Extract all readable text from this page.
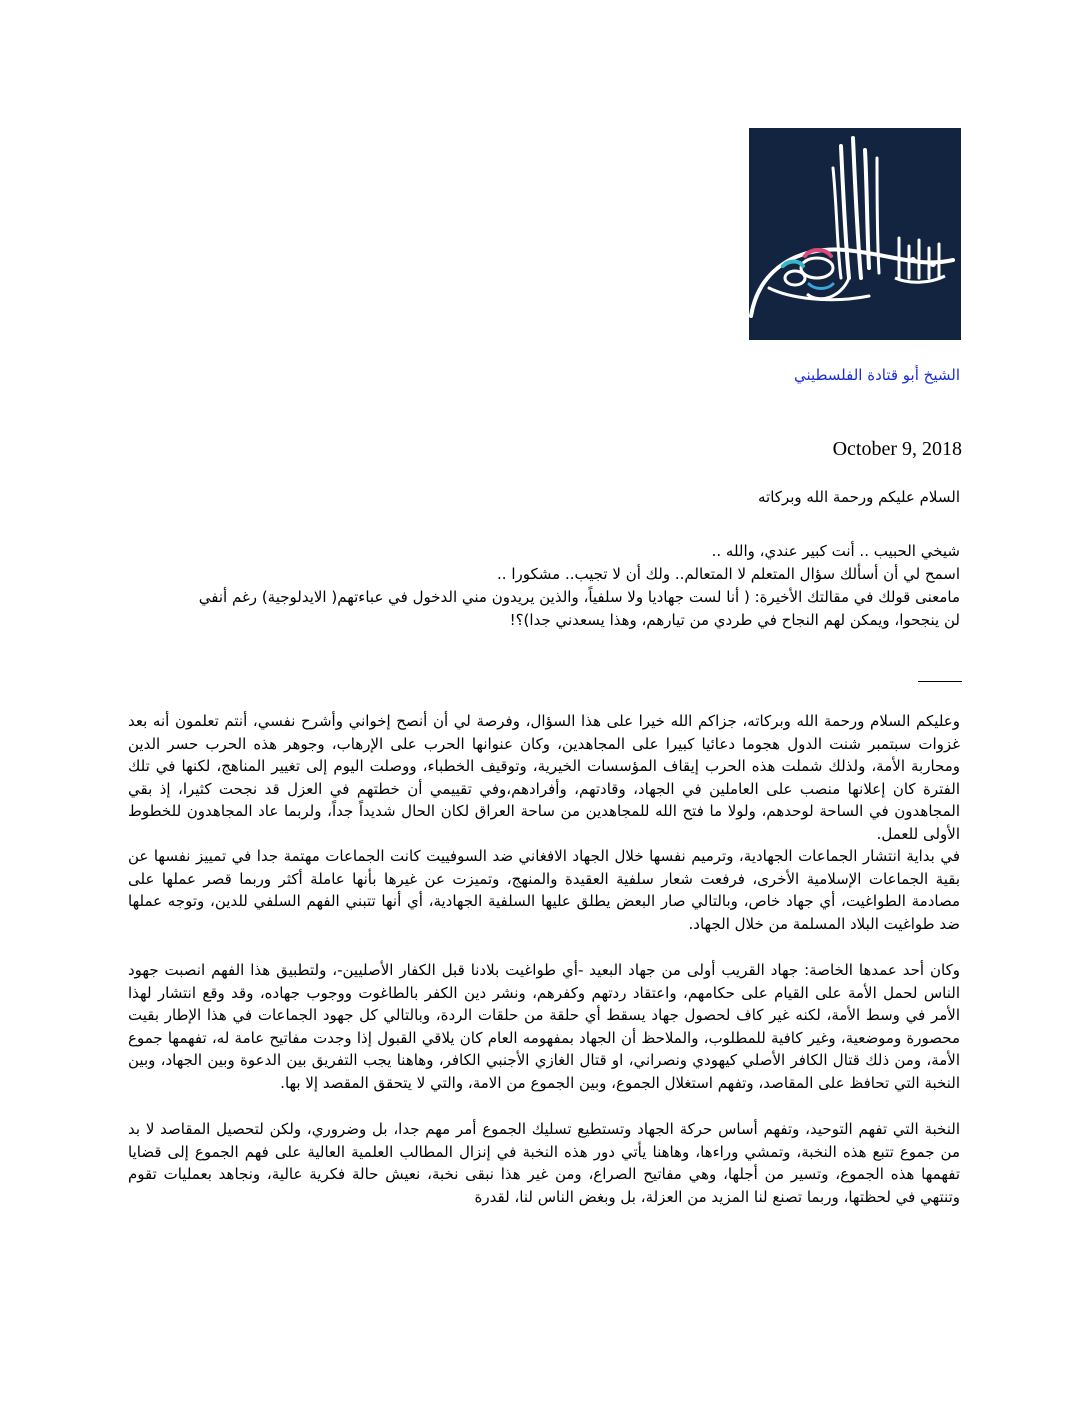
الشيخ أبو قتادة الفلسطيني
October 9, 2018
السلام عليكم ورحمة الله وبركاته
شيخي الحبيب .. أنت كبير عندي، والله ..
اسمح لي أن أسألك سؤال المتعلم لا المتعالم.. ولك أن لا تجيب.. مشكورا ..
مامعنى قولك في مقالتك الأخيرة: ( أنا لست جهاديا ولا سلفياً، والذين يريدون مني الدخول في عباءتهم( الايدلوجية) رغم أنفي
لن ينجحوا، ويمكن لهم النجاح في طردي من تيارهم، وهذا يسعدني جدا)؟!

وعليكم السلام ورحمة الله وبركاته، جزاكم الله خيرا على هذا السؤال، وفرصة لي أن أنصح إخواني وأشرح نفسي، أنتم تعلمون أنه بعد غزوات سبتمبر شنت الدول هجوما دعائيا كبيرا على المجاهدين، وكان عنوانها الحرب على الإرهاب، وجوهر هذه الحرب حسر الدين ومحاربة الأمة، ولذلك شملت هذه الحرب إيقاف المؤسسات الخيرية، وتوقيف الخطباء، ووصلت اليوم إلى تغيير المناهج، لكنها في تلك الفترة كان إعلانها منصب على العاملين في الجهاد، وقادتهم، وأفرادهم،وفي تقييمي أن خطتهم في العزل قد نجحت كثيرا، إذ بقي المجاهدون في الساحة لوحدهم، ولولا ما فتح الله للمجاهدين من ساحة العراق لكان الحال شديداً جداً، ولربما عاد المجاهدون للخطوط الأولى للعمل.

في بداية انتشار الجماعات الجهادية، وترميم نفسها خلال الجهاد الافغاني ضد السوفييت كانت الجماعات مهتمة جدا في تمييز نفسها عن بقية الجماعات الإسلامية الأخرى، فرفعت شعار سلفية العقيدة والمنهج، وتميزت عن غيرها بأنها عاملة أكثر وربما قصر عملها على مصادمة الطواغيت، أي جهاد خاص، وبالتالي صار البعض يطلق عليها السلفية الجهادية، أي أنها تتبني الفهم السلفي للدين، وتوجه عملها ضد طواغيت البلاد المسلمة من خلال الجهاد.

وكان أحد عمدها الخاصة: جهاد القريب أولى من جهاد البعيد -أي طواغيت بلادنا قبل الكفار الأصليين-، ولتطبيق هذا الفهم انصبت جهود الناس لحمل الأمة على القيام على حكامهم، واعتقاد ردتهم وكفرهم، ونشر دين الكفر بالطاغوت ووجوب جهاده، وقد وقع انتشار لهذا الأمر في وسط الأمة، لكنه غير كاف لحصول جهاد يسقط أي حلقة من حلقات الردة، وبالتالي كل جهود الجماعات في هذا الإطار بقيت محصورة وموضعية، وغير كافية للمطلوب، والملاحظ أن الجهاد بمفهومه العام كان يلاقي القبول إذا وجدت مفاتيح عامة له، تفهمها جموع الأمة، ومن ذلك قتال الكافر الأصلي كيهودي ونصراني، او قتال الغازي الأجنبي الكافر، وهاهنا يجب التفريق بين الدعوة وبين الجهاد، وبين النخبة التي تحافظ على المقاصد، وتفهم استغلال الجموع، وبين الجموع من الامة، والتي لا يتحقق المقصد إلا بها.

النخبة التي تفهم التوحيد، وتفهم أساس حركة الجهاد وتستطيع تسليك الجموع أمر مهم جدا، بل وضروري، ولكن لتحصيل المقاصد لا بد من جموع تتبع هذه النخبة، وتمشي وراءها، وهاهنا يأتي دور هذه النخبة في إنزال المطالب العلمية العالية على فهم الجموع إلى قضايا تفهمها هذه الجموع، وتسير من أجلها، وهي مفاتيح الصراع، ومن غير هذا نبقى نخبة، نعيش حالة فكرية عالية، ونجاهد بعمليات تقوم وتنتهي في لحظتها، وربما تصنع لنا المزيد من العزلة، بل وبغض الناس لنا، لقدرة
